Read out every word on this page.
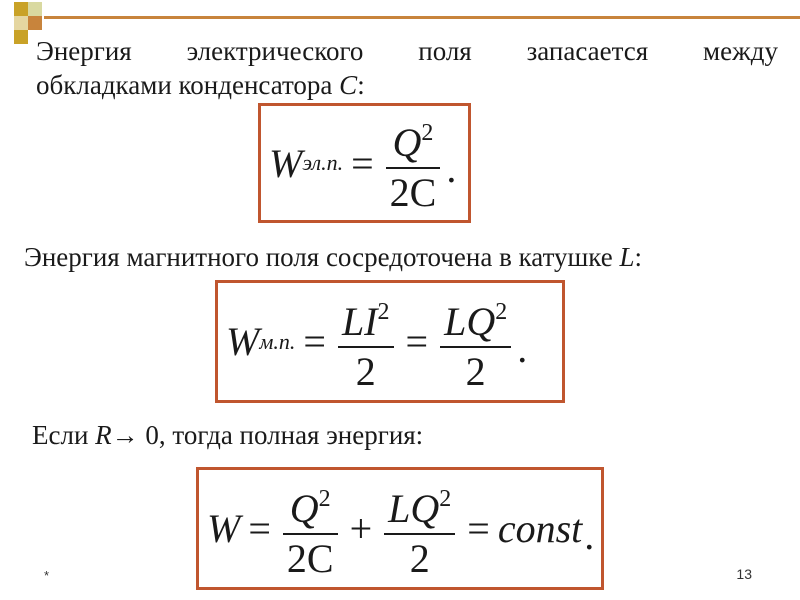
Энергия электрического поля запасается между
обкладками конденсатора C:
W эл.п. = $\frac{Q^2}{2C}$ .
Энергия магнитного поля сосредоточена в катушке L:
W м.п. = $\frac{LI^2}{2} = \frac{LQ^2}{2}$ .
Если R→ 0, тогда полная энергия:
$W = \frac{Q^2}{2C} + \frac{LQ^2}{2}$ = const .
*	13
